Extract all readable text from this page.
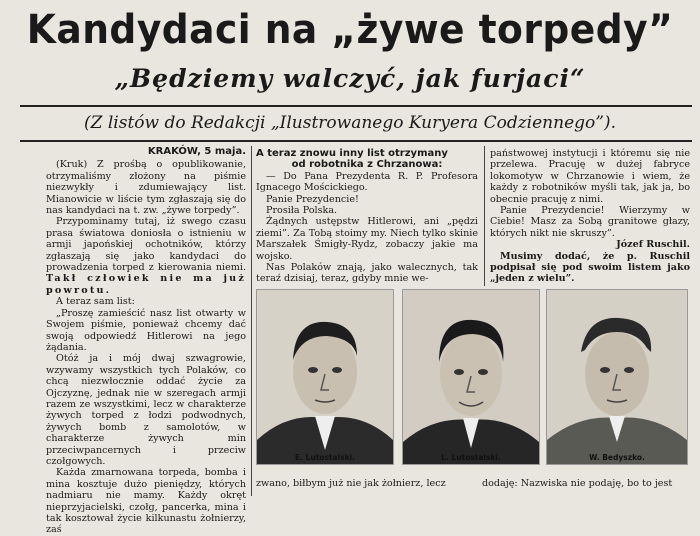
Kandydaci na „żywe torpedy”
„Będziemy walczyć, jak furjaci“
(Z listów do Redakcji „Ilustrowanego Kuryera Codziennego”).
KRAKÓW, 5 maja.

(Kruk) Z prośbą o opublikowanie, otrzymaliśmy złożony na piśmie niezwykły i zdumiewający list. Mianowicie w liście tym zgłaszają się do nas kandydaci na t. zw. „żywe torpedy”.

Przypominamy tutaj, iż swego czasu prasa światowa doniosła o istnieniu w armji japońskiej ochotników, którzy zgłaszają się jako kandydaci do prowadzenia torped z kierowania niemi. Takł człowiek nie ma już powrotu.

A teraz sam list:

„Proszę zamieścić nasz list otwarty w Swojem piśmie, ponieważ chcemy dać swoją odpowiedź Hitlerowi na jego żądania.

Otóż ja i mój dwaj szwagrowie, wzywamy wszystkich tych Polaków, co chcą niezwłocznie oddać życie za Ojczyznę, jednak nie w szeregach armji razem ze wszystkimi, lecz w charakterze żywych torped z łodzi podwodnych, żywych bomb z samolotów, w charakterze żywych min przeciwpancernych i przeciw czołgowych.

Każda zmarnowana torpeda, bomba i mina kosztuje dużo pieniędzy, których nadmiaru nie mamy. Każdy okręt nieprzyjacielski, czołg, pancerka, mina i tak kosztował życie kilkunastu żołnierzy, zaś

A teraz znowu inny list otrzymany

od robotnika z Chrzanowa:

— Do Pana Prezydenta R. P. Profesora Ignacego Mościckiego.

Panie Prezydencie!

Prosiła Polska.

Żądnych ustępstw Hitlerowi, ani „pędzi ziemi”. Za Tobą stoimy my. Niech tylko skinie Marszałek Śmigły-Rydz, zobaczy jakie ma wojsko.

Nas Polaków znają, jako walecznych, tak teraź dzisiaj, teraz, gdyby mnie we-

państwowej instytucji i któremu się nie przelewa. Pracuję w dużej fabryce lokomotyw w Chrzanowie i wiem, że każdy z robotników myśli tak, jak ja, bo obecnie pracuję z nimi.

Panie Prezydencie! Wierzymy w Ciebie! Masz za Sobą granitowe głazy, których nikt nie skruszy”.

Józef Ruschil.

Musimy dodać, że p. Ruschil podpisał się pod swoim listem jako „jeden z wielu”.

E. Lutostalski.	L. Lutostalski.	W. Bedyszko.
zwano, biłbym już nie jak żołnierz, lecz	dodaję: Nazwiska nie podaję, bo to jest
